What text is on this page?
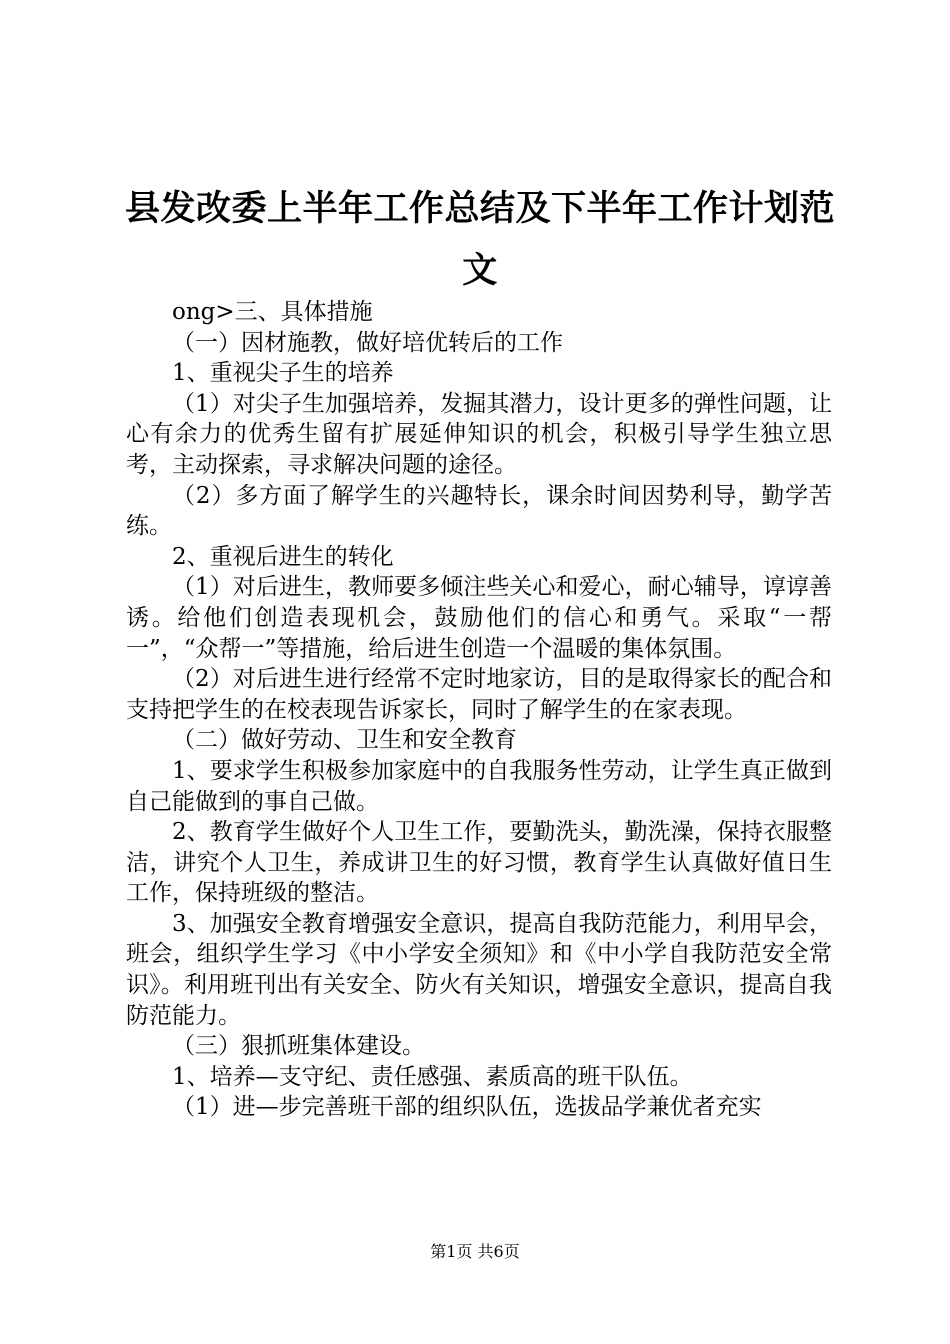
县发改委上半年工作总结及下半年工作计划范文

ong>三、具体措施

（一）因材施教，做好培优转后的工作

1、重视尖子生的培养

（1）对尖子生加强培养，发掘其潜力，设计更多的弹性问题，让心有余力的优秀生留有扩展延伸知识的机会，积极引导学生独立思考，主动探索，寻求解决问题的途径。

（2）多方面了解学生的兴趣特长，课余时间因势利导，勤学苦练。

2、重视后进生的转化

（1）对后进生，教师要多倾注些关心和爱心，耐心辅导，谆谆善诱。给他们创造表现机会，鼓励他们的信心和勇气。采取“一帮一”，“众帮一”等措施，给后进生创造一个温暖的集体氛围。

（2）对后进生进行经常不定时地家访，目的是取得家长的配合和支持把学生的在校表现告诉家长，同时了解学生的在家表现。

（二）做好劳动、卫生和安全教育

1、要求学生积极参加家庭中的自我服务性劳动，让学生真正做到自己能做到的事自己做。

2、教育学生做好个人卫生工作，要勤洗头，勤洗澡，保持衣服整洁，讲究个人卫生，养成讲卫生的好习惯，教育学生认真做好值日生工作，保持班级的整洁。

3、加强安全教育增强安全意识，提高自我防范能力，利用早会，班会，组织学生学习《中小学安全须知》和《中小学自我防范安全常识》。利用班刊出有关安全、防火有关知识，增强安全意识，提高自我防范能力。

（三）狠抓班集体建设。

1、培养—支守纪、责任感强、素质高的班干队伍。

（1）进—步完善班干部的组织队伍，选拔品学兼优者充实

第1页 共6页
